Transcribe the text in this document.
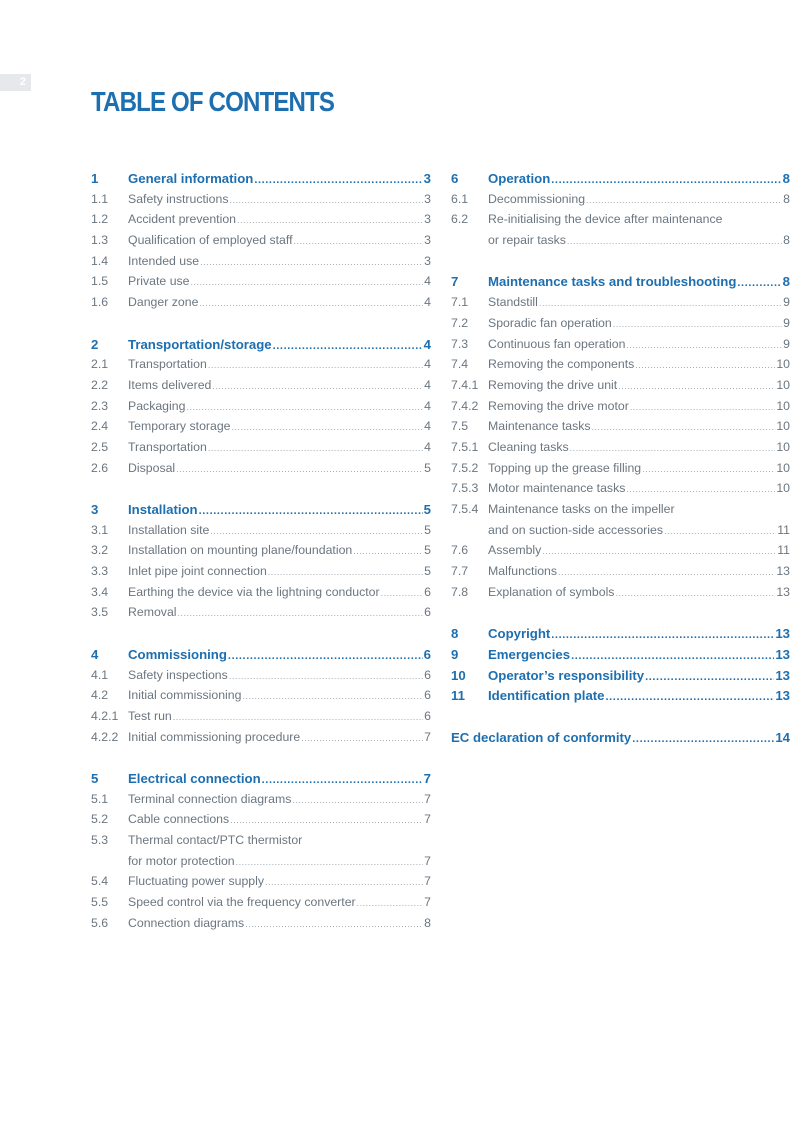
2
TABLE OF CONTENTS
1	General information .....	3
1.1	Safety instructions .....	3
1.2	Accident prevention .....	3
1.3	Qualification of employed staff .....	3
1.4	Intended use .....	3
1.5	Private use .....	4
1.6	Danger zone .....	4
2	Transportation/storage .....	4
2.1	Transportation .....	4
2.2	Items delivered .....	4
2.3	Packaging .....	4
2.4	Temporary storage .....	4
2.5	Transportation .....	4
2.6	Disposal .....	5
3	Installation .....	5
3.1	Installation site .....	5
3.2	Installation on mounting plane/foundation .....	5
3.3	Inlet pipe joint connection .....	5
3.4	Earthing the device via the lightning conductor .....	6
3.5	Removal .....	6
4	Commissioning .....	6
4.1	Safety inspections .....	6
4.2	Initial commissioning .....	6
4.2.1 Test run .....	6
4.2.2 Initial commissioning procedure .....	7
5	Electrical connection .....	7
5.1	Terminal connection diagrams .....	7
5.2	Cable connections .....	7
5.3	Thermal contact/PTC thermistor
for motor protection .....	7
5.4	Fluctuating power supply .....	7
5.5	Speed control via the frequency converter .....	7
5.6	Connection diagrams .....	8
6	Operation .....	8
6.1	Decommissioning .....	8
6.2	Re-initialising the device after maintenance
or repair tasks .....	8
7	Maintenance tasks and troubleshooting .....	8
7.1	Standstill .....	9
7.2	Sporadic fan operation .....	9
7.3	Continuous fan operation .....	9
7.4	Removing the components .....	10
7.4.1 Removing the drive unit .....	10
7.4.2 Removing the drive motor .....	10
7.5	Maintenance tasks .....	10
7.5.1 Cleaning tasks .....	10
7.5.2 Topping up the grease filling .....	10
7.5.3 Motor maintenance tasks .....	10
7.5.4 Maintenance tasks on the impeller
and on suction-side accessories .....	11
7.6	Assembly .....	11
7.7	Malfunctions .....	13
7.8	Explanation of symbols .....	13
8	Copyright .....	13
9	Emergencies .....	13
10	Operator’s responsibility .....	13
11	Identification plate .....	13
EC declaration of conformity .....	14
